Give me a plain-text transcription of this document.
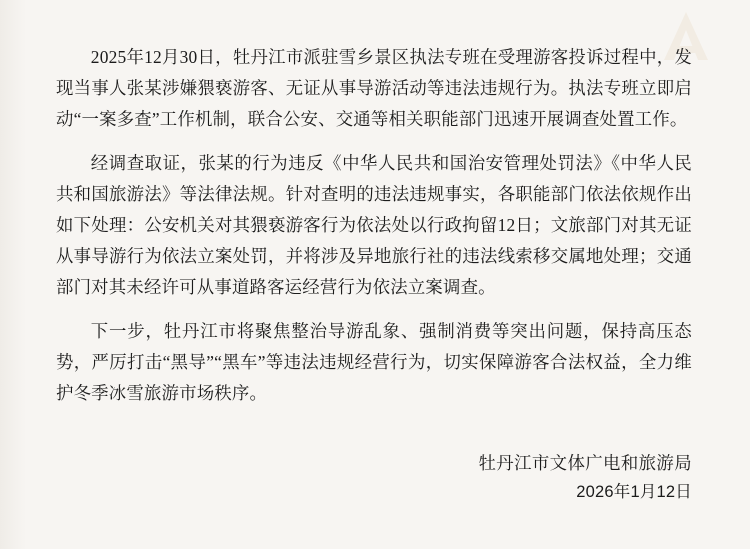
2025年12月30日，牡丹江市派驻雪乡景区执法专班在受理游客投诉过程中，发现当事人张某涉嫌猥亵游客、无证从事导游活动等违法违规行为。执法专班立即启动“一案多查”工作机制，联合公安、交通等相关职能部门迅速开展调查处置工作。

经调查取证，张某的行为违反《中华人民共和国治安管理处罚法》《中华人民共和国旅游法》等法律法规。针对查明的违法违规事实，各职能部门依法依规作出如下处理：公安机关对其猥亵游客行为依法处以行政拘留12日；文旅部门对其无证从事导游行为依法立案处罚，并将涉及异地旅行社的违法线索移交属地处理；交通部门对其未经许可从事道路客运经营行为依法立案调查。

下一步，牡丹江市将聚焦整治导游乱象、强制消费等突出问题，保持高压态势，严厉打击“黑导”“黑车”等违法违规经营行为，切实保障游客合法权益，全力维护冬季冰雪旅游市场秩序。

牡丹江市文体广电和旅游局
2026年1月12日
